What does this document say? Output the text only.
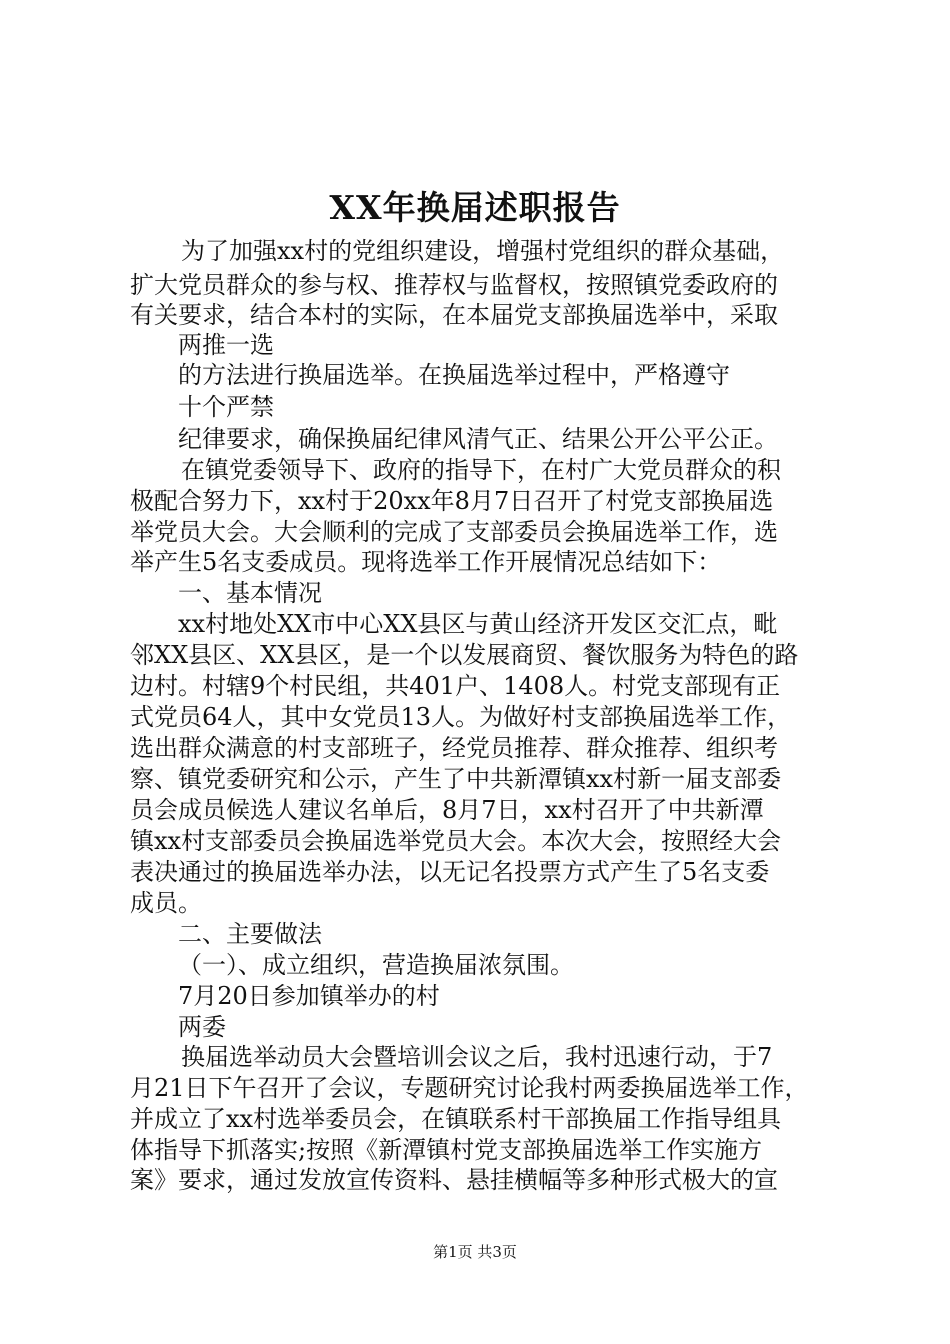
XX年换届述职报告
为了加强xx村的党组织建设，增强村党组织的群众基础，
扩大党员群众的参与权、推荐权与监督权，按照镇党委政府的
有关要求，结合本村的实际，在本届党支部换届选举中，采取
两推一选
的方法进行换届选举。在换届选举过程中，严格遵守
十个严禁
纪律要求，确保换届纪律风清气正、结果公开公平公正。
在镇党委领导下、政府的指导下，在村广大党员群众的积
极配合努力下，xx村于20xx年8月7日召开了村党支部换届选
举党员大会。大会顺利的完成了支部委员会换届选举工作，选
举产生5名支委成员。现将选举工作开展情况总结如下：
一、基本情况
xx村地处XX市中心XX县区与黄山经济开发区交汇点，毗
邻XX县区、XX县区，是一个以发展商贸、餐饮服务为特色的路
边村。村辖9个村民组，共401户、1408人。村党支部现有正
式党员64人，其中女党员13人。为做好村支部换届选举工作，
选出群众满意的村支部班子，经党员推荐、群众推荐、组织考
察、镇党委研究和公示，产生了中共新潭镇xx村新一届支部委
员会成员候选人建议名单后，8月7日，xx村召开了中共新潭
镇xx村支部委员会换届选举党员大会。本次大会，按照经大会
表决通过的换届选举办法，以无记名投票方式产生了5名支委
成员。
二、主要做法
（一）、成立组织，营造换届浓氛围。
7月20日参加镇举办的村
两委
换届选举动员大会暨培训会议之后，我村迅速行动，于7
月21日下午召开了会议，专题研究讨论我村两委换届选举工作，
并成立了xx村选举委员会，在镇联系村干部换届工作指导组具
体指导下抓落实;按照《新潭镇村党支部换届选举工作实施方
案》要求，通过发放宣传资料、悬挂横幅等多种形式极大的宣
第1页 共3页
